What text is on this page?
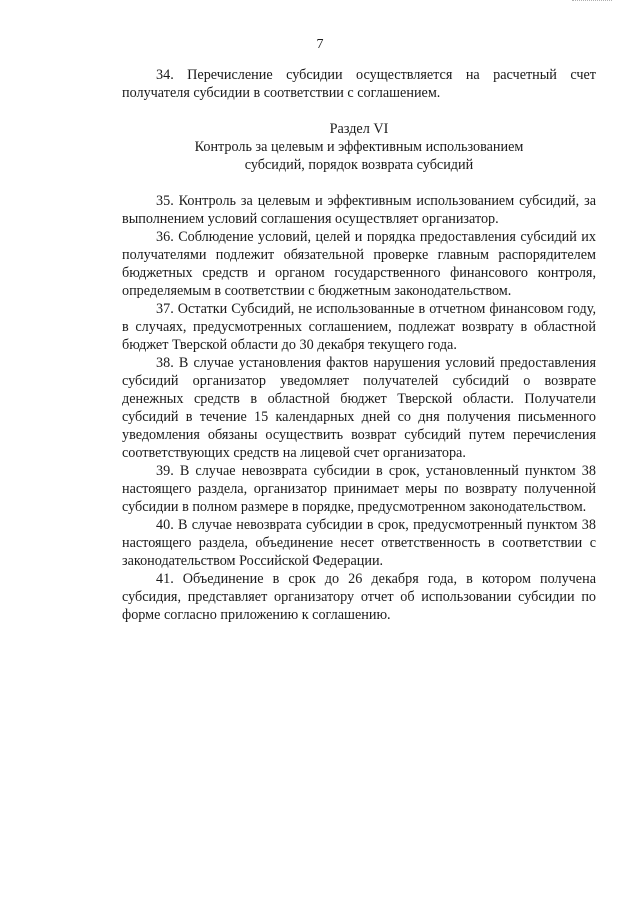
7

34. Перечисление субсидии осуществляется на расчетный счет получателя субсидии в соответствии с соглашением.

Раздел VI
Контроль за целевым и эффективным использованием
субсидий, порядок возврата субсидий

35. Контроль за целевым и эффективным использованием субсидий, за выполнением условий соглашения осуществляет организатор.

36. Соблюдение условий, целей и порядка предоставления субсидий их получателями подлежит обязательной проверкe главным распорядителем бюджетных средств и органом государственного финансового контроля, определяемым в соответствии с бюджетным законодательством.

37. Остатки Субсидий, не использованные в отчетном финансовом году, в случаях, предусмотренных соглашением, подлежат возврату в областной бюджет Тверской области до 30 декабря текущего года.

38. В случае установления фактов нарушения условий предоставления субсидий организатор уведомляет получателей субсидий о возврате денежных средств в областной бюджет Тверской области. Получатели субсидий в течение 15 календарных дней со дня получения письменного уведомления обязаны осуществить возврат субсидий путем перечисления соответствующих средств на лицевой счет организатора.

39. В случае невозврата субсидии в срок, установленный пунктом 38 настоящего раздела, организатор принимает меры по возврату полученной субсидии в полном размере в порядке, предусмотренном законодательством.

40. В случае невозврата субсидии в срок, предусмотренный пунктом 38 настоящего раздела, объединение несет ответственность в соответствии с законодательством Российской Федерации.

41. Объединение в срок до 26 декабря года, в котором получена субсидия, представляет организатору отчет об использовании субсидии по форме согласно приложению к соглашению.
